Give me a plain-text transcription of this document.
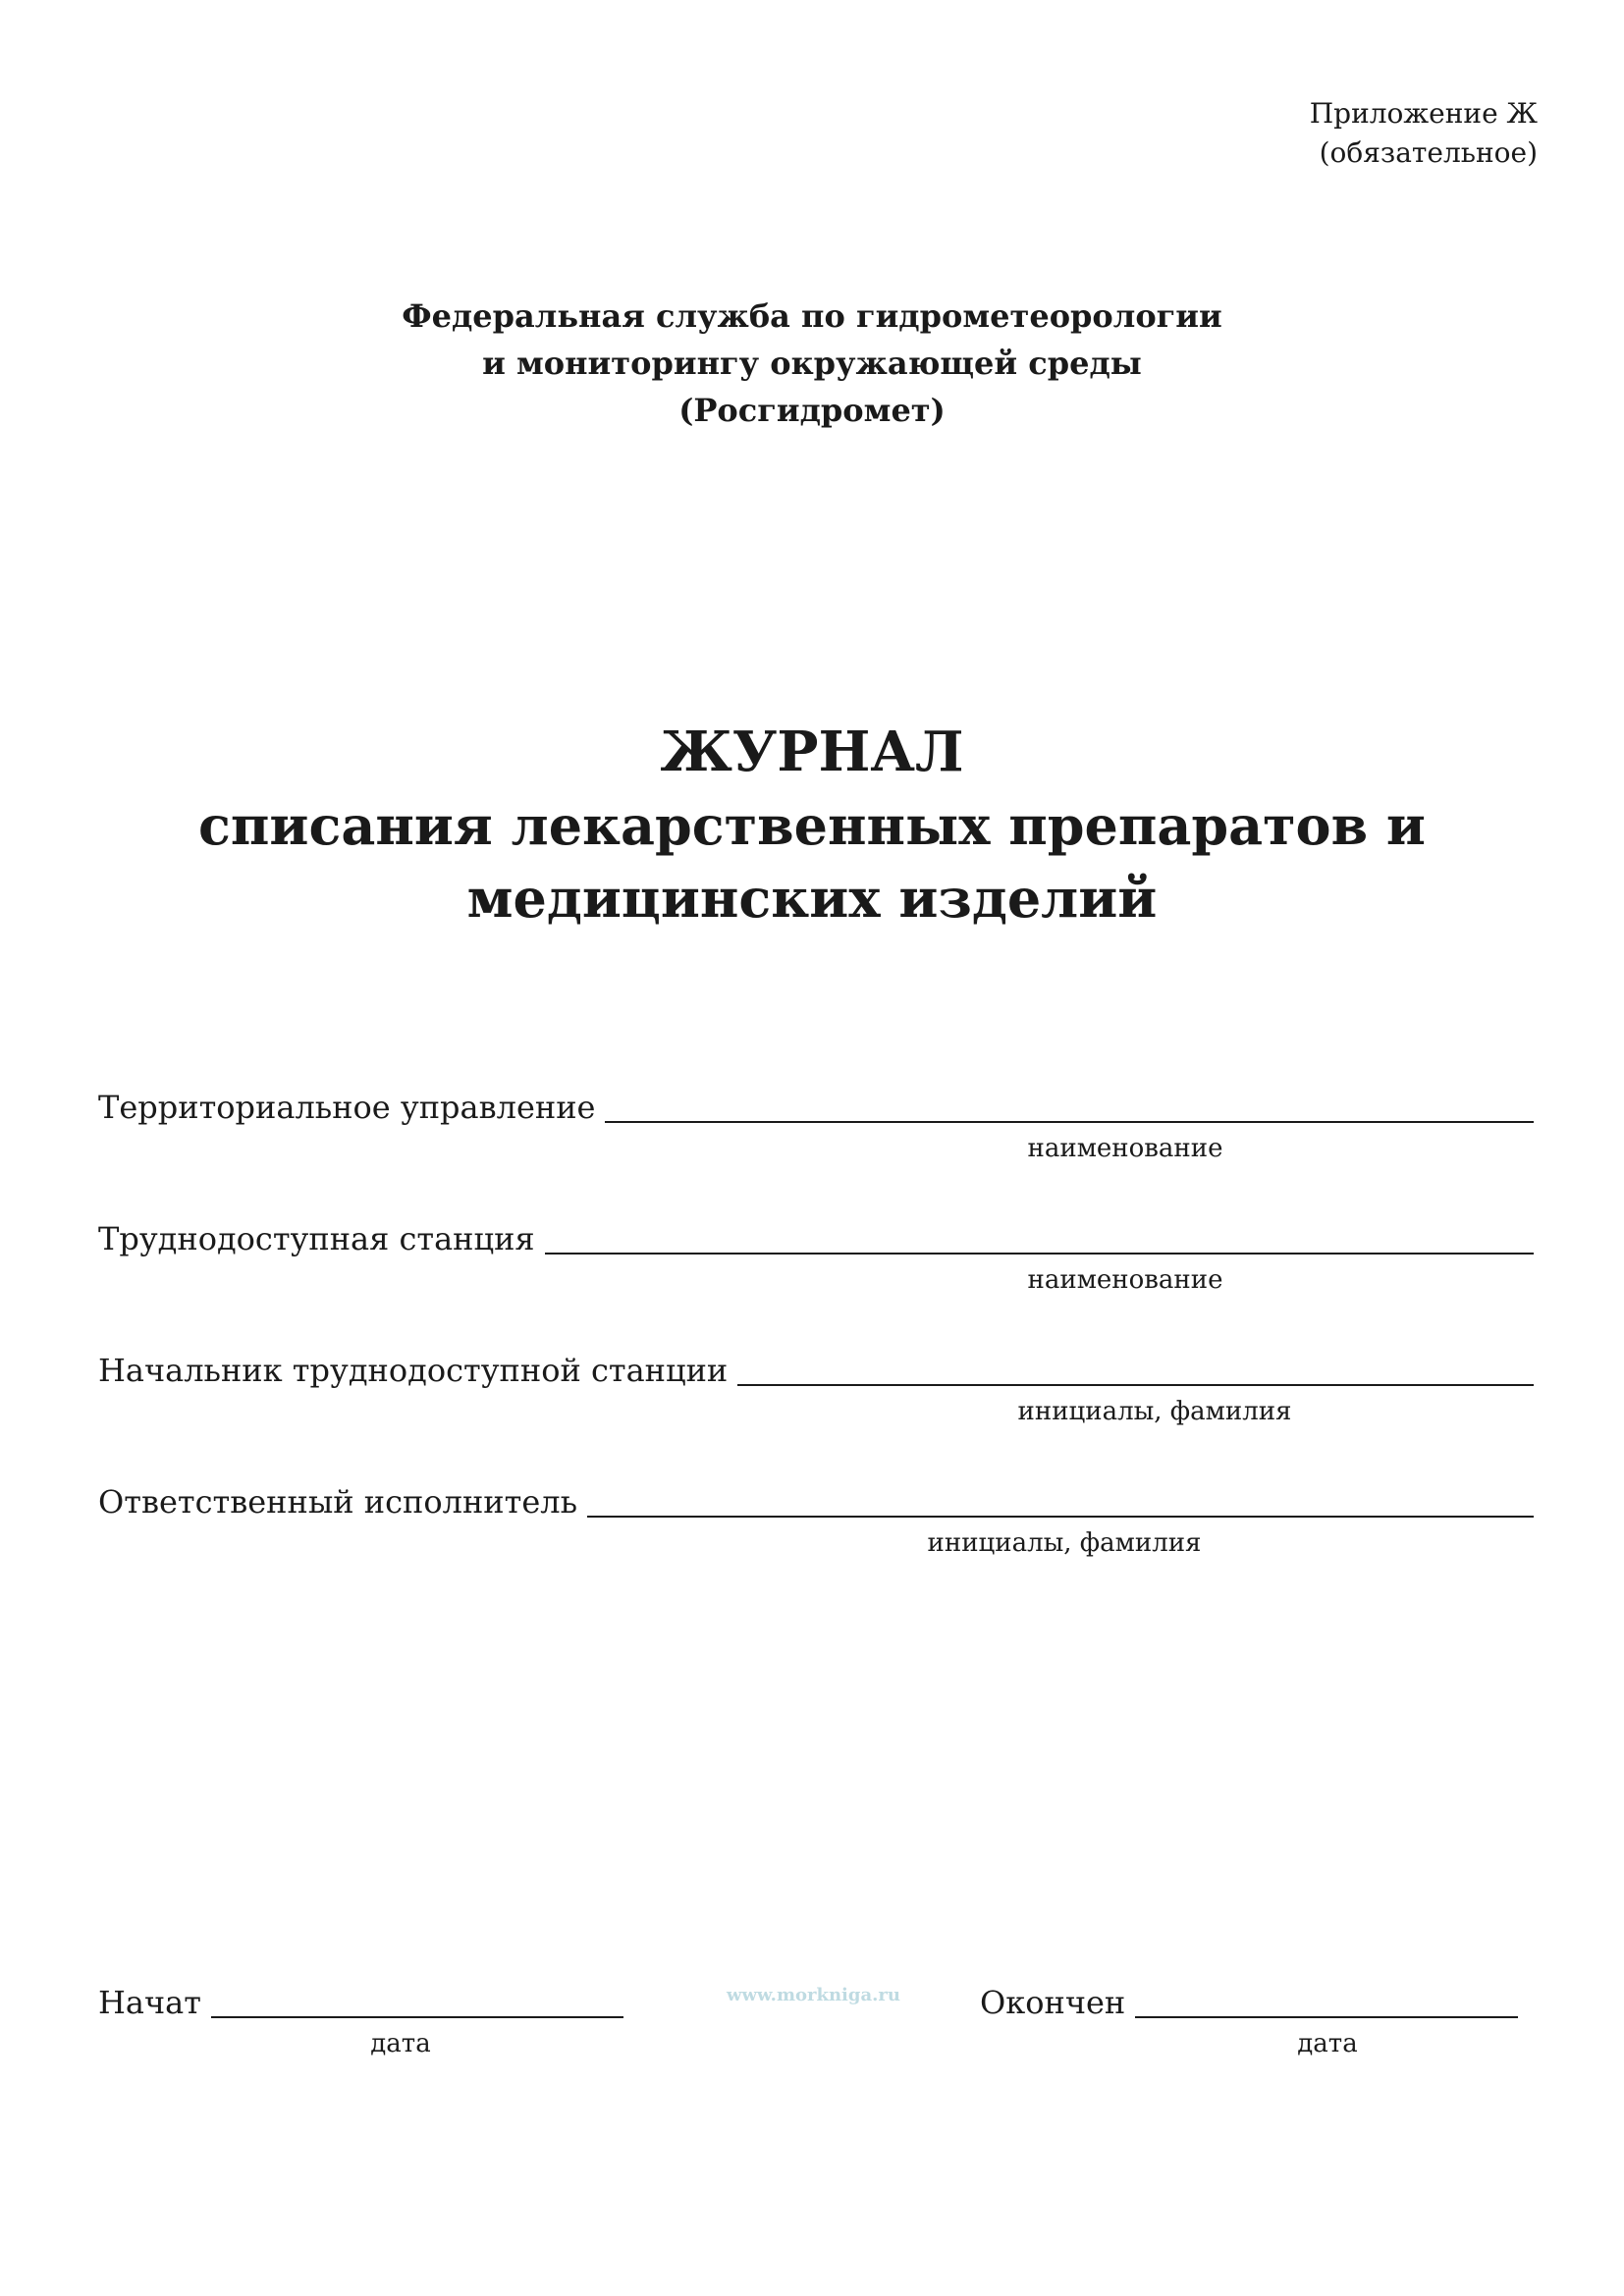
Приложение Ж
(обязательное)
Федеральная служба по гидрометеорологии
и мониторингу окружающей среды
(Росгидромет)
ЖУРНАЛ
списания лекарственных препаратов и
медицинских изделий
Территориальное управление
наименование
Труднодоступная станция
наименование
Начальник труднодоступной станции
инициалы, фамилия
Ответственный исполнитель
инициалы, фамилия
Начат
дата
Окончен
дата
www.morkniga.ru
